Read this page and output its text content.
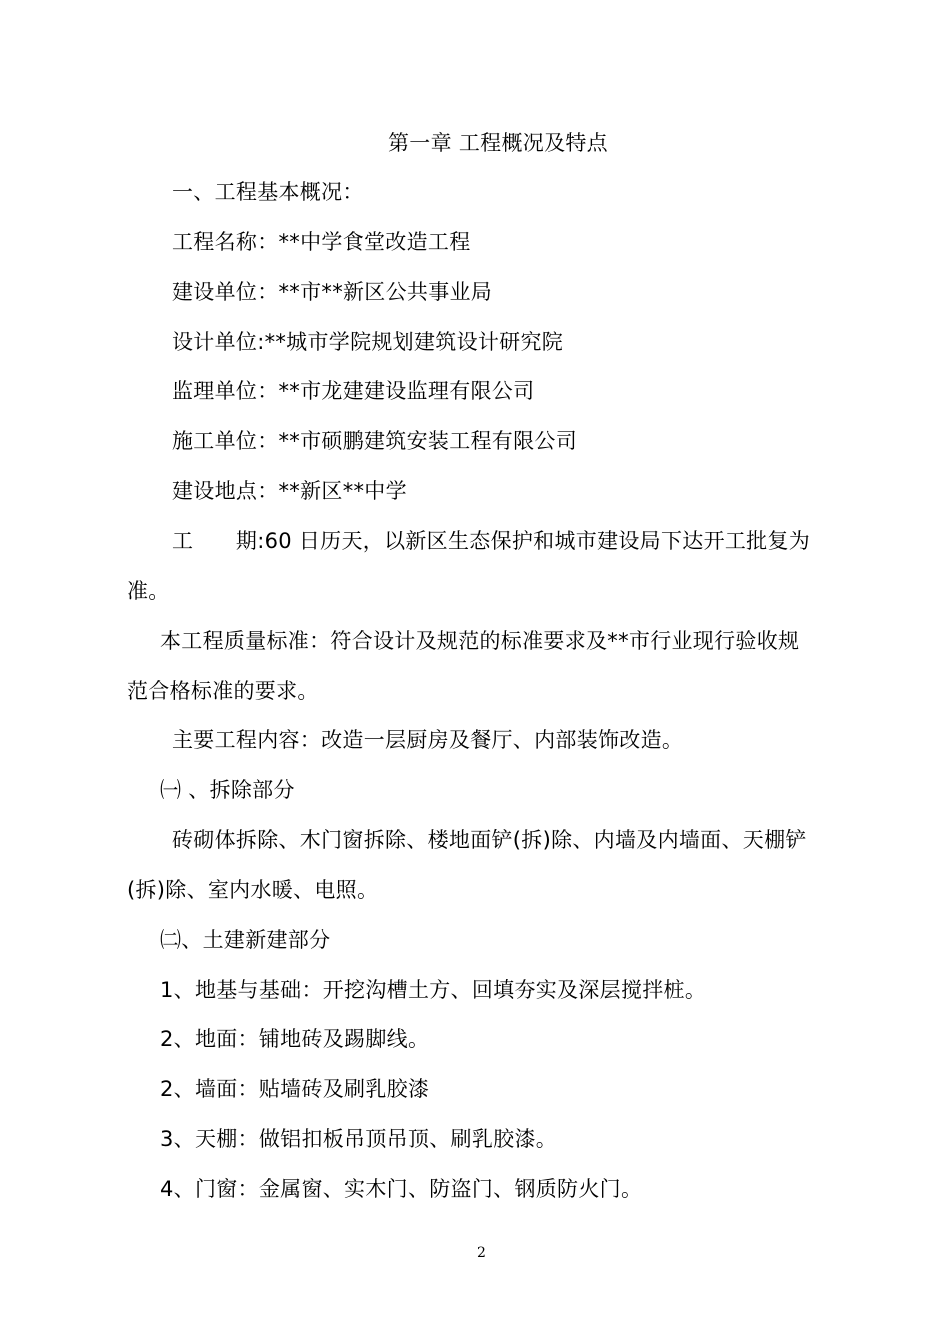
第一章 工程概况及特点

一、工程基本概况：

工程名称：**中学食堂改造工程

建设单位：**市**新区公共事业局

设计单位:**城市学院规划建筑设计研究院

监理单位：**市龙建建设监理有限公司

施工单位：**市硕鹏建筑安装工程有限公司

建设地点：**新区**中学

工　　期:60 日历天，以新区生态保护和城市建设局下达开工批复为

准。

本工程质量标准：符合设计及规范的标准要求及**市行业现行验收规

范合格标准的要求。

主要工程内容：改造一层厨房及餐厅、内部装饰改造。

㈠ 、拆除部分

砖砌体拆除、木门窗拆除、楼地面铲(拆)除、内墙及内墙面、天棚铲

(拆)除、室内水暖、电照。

㈡、土建新建部分

1、地基与基础：开挖沟槽土方、回填夯实及深层搅拌桩。

2、地面：铺地砖及踢脚线。

2、墙面：贴墙砖及刷乳胶漆

3、天棚：做铝扣板吊顶吊顶、刷乳胶漆。

4、门窗：金属窗、实木门、防盗门、钢质防火门。

2
